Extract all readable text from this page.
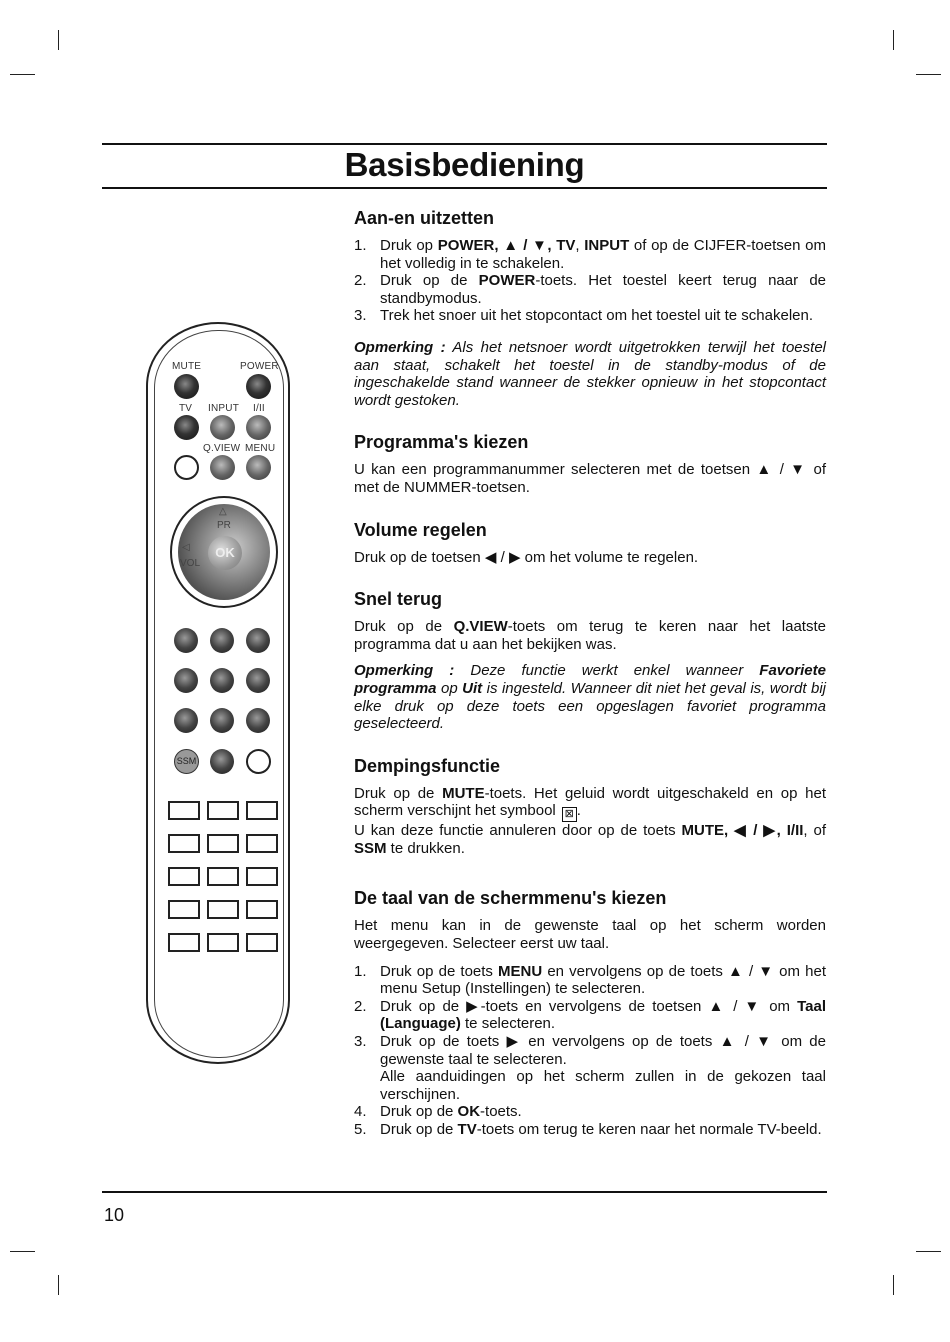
Basisbediening
MUTE	POWER
TV INPUT I/II
Q.VIEW MENU
OK
△
PR
◁
VOL
SSM
Aan-en uitzetten
1. Druk op POWER, ▲ / ▼, TV, INPUT of op de CIJFER-toetsen om het volledig in te schakelen.
2. Druk op de POWER-toets. Het toestel keert terug naar de standbymodus.
3. Trek het snoer uit het stopcontact om het toestel uit te schakelen.

Opmerking : Als het netsnoer wordt uitgetrokken terwijl het toestel aan staat, schakelt het toestel in de standby-modus of de ingeschakelde stand wanneer de stekker opnieuw in het stopcontact wordt gestoken.

Programma's kiezen

U kan een programmanummer selecteren met de toetsen ▲ / ▼ of met de NUMMER-toetsen.

Volume regelen

Druk op de toetsen ◀ / ▶ om het volume te regelen.

Snel terug

Druk op de Q.VIEW-toets om terug te keren naar het laatste programma dat u aan het bekijken was.

Opmerking : Deze functie werkt enkel wanneer Favoriete programma op Uit is ingesteld. Wanneer dit niet het geval is, wordt bij elke druk op deze toets een opgeslagen favoriet programma geselecteerd.

Dempingsfunctie

Druk op de MUTE-toets. Het geluid wordt uitgeschakeld en op het scherm verschijnt het symbool ⊠ .

U kan deze functie annuleren door op de toets MUTE, ◀ / ▶, I/II, of SSM te drukken.

De taal van de schermmenu's kiezen

Het menu kan in de gewenste taal op het scherm worden weergegeven. Selecteer eerst uw taal.

1. Druk op de toets MENU en vervolgens op de toets ▲ / ▼ om het menu Setup (Instellingen) te selecteren.
2. Druk op de ▶-toets en vervolgens de toetsen ▲ / ▼ om Taal (Language) te selecteren.
3. Druk op de toets ▶ en vervolgens op de toets ▲ / ▼ om de gewenste taal te selecteren.
Alle aanduidingen op het scherm zullen in de gekozen taal verschijnen.
4. Druk op de OK-toets.
5. Druk op de TV-toets om terug te keren naar het normale TV-beeld.
10
